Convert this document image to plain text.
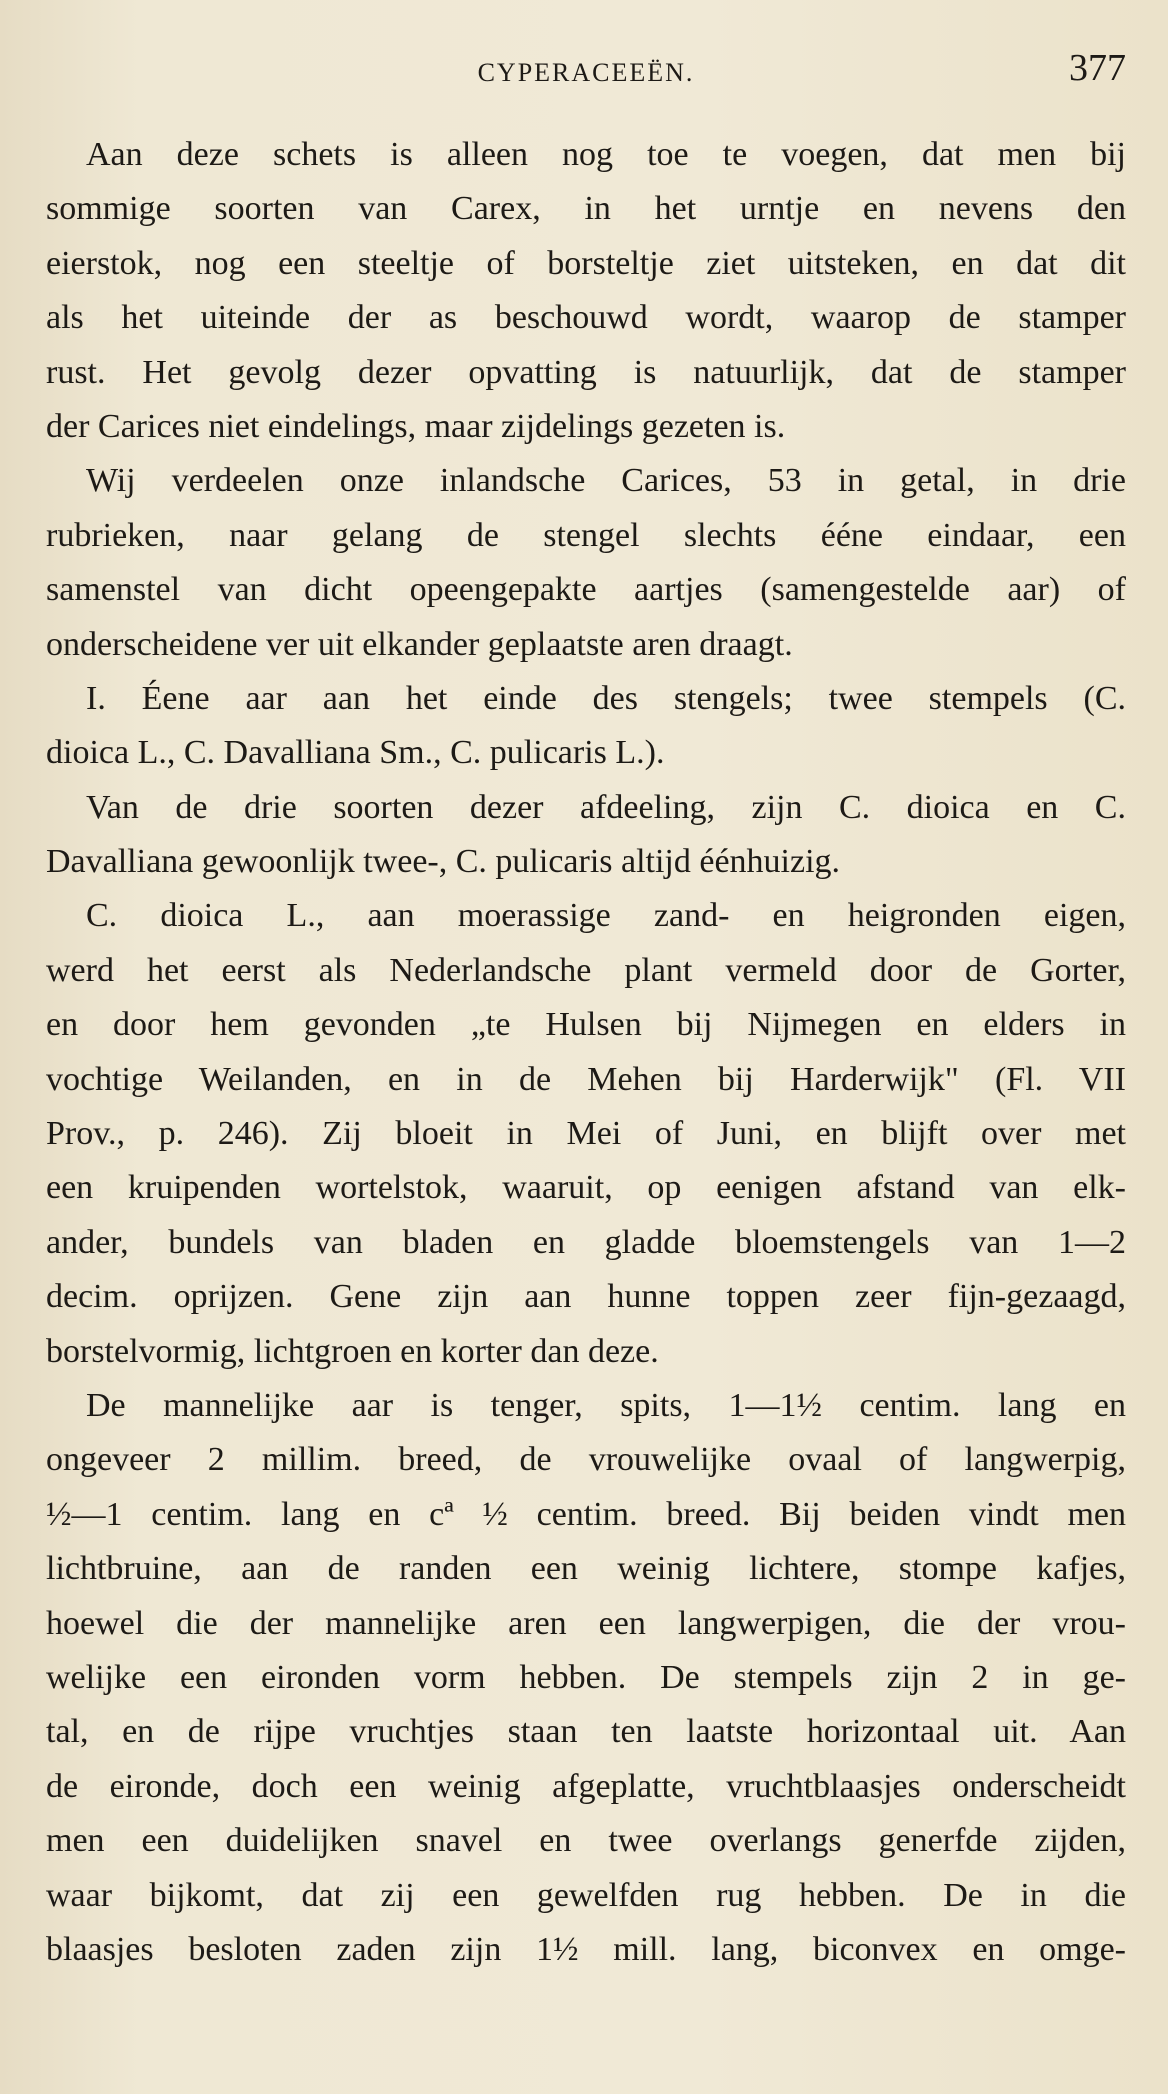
CYPERACEEËN.	377
Aan deze schets is alleen nog toe te voegen, dat men bij
sommige soorten van Carex, in het urntje en nevens den
eierstok, nog een steeltje of borsteltje ziet uitsteken, en dat dit
als het uiteinde der as beschouwd wordt, waarop de stamper
rust. Het gevolg dezer opvatting is natuurlijk, dat de stamper
der Carices niet eindelings, maar zijdelings gezeten is.
Wij verdeelen onze inlandsche Carices, 53 in getal, in drie
rubrieken, naar gelang de stengel slechts ééne eindaar, een
samenstel van dicht opeengepakte aartjes (samengestelde aar) of
onderscheidene ver uit elkander geplaatste aren draagt.
I. Éene aar aan het einde des stengels; twee stempels (C.
dioica L., C. Davalliana Sm., C. pulicaris L.).
Van de drie soorten dezer afdeeling, zijn C. dioica en C.
Davalliana gewoonlijk twee-, C. pulicaris altijd éénhuizig.
C. dioica L., aan moerassige zand- en heigronden eigen,
werd het eerst als Nederlandsche plant vermeld door de Gorter,
en door hem gevonden „te Hulsen bij Nijmegen en elders in
vochtige Weilanden, en in de Mehen bij Harderwijk" (Fl. VII
Prov., p. 246). Zij bloeit in Mei of Juni, en blijft over met
een kruipenden wortelstok, waaruit, op eenigen afstand van elk-
ander, bundels van bladen en gladde bloemstengels van 1—2
decim. oprijzen. Gene zijn aan hunne toppen zeer fijn-gezaagd,
borstelvormig, lichtgroen en korter dan deze.
De mannelijke aar is tenger, spits, 1—1½ centim. lang en
ongeveer 2 millim. breed, de vrouwelijke ovaal of langwerpig,
½—1 centim. lang en cª ½ centim. breed. Bij beiden vindt men
lichtbruine, aan de randen een weinig lichtere, stompe kafjes,
hoewel die der mannelijke aren een langwerpigen, die der vrou-
welijke een eironden vorm hebben. De stempels zijn 2 in ge-
tal, en de rijpe vruchtjes staan ten laatste horizontaal uit. Aan
de eironde, doch een weinig afgeplatte, vruchtblaasjes onderscheidt
men een duidelijken snavel en twee overlangs generfde zijden,
waar bijkomt, dat zij een gewelfden rug hebben. De in die
blaasjes besloten zaden zijn 1½ mill. lang, biconvex en omge-
